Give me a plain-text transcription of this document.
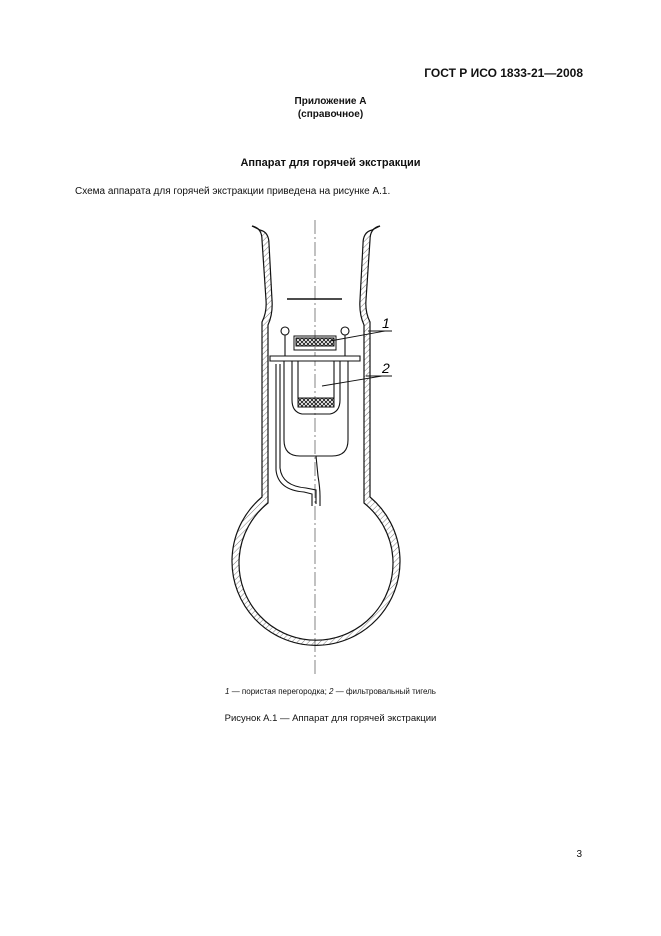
ГОСТ Р ИСО 1833-21—2008
Приложение А
(справочное)
Аппарат для горячей экстракции
Схема аппарата для горячей экстракции приведена на рисунке А.1.
1
2
1 — пористая перегородка; 2 — фильтровальный тигель
Рисунок А.1 — Аппарат для горячей экстракции
3
